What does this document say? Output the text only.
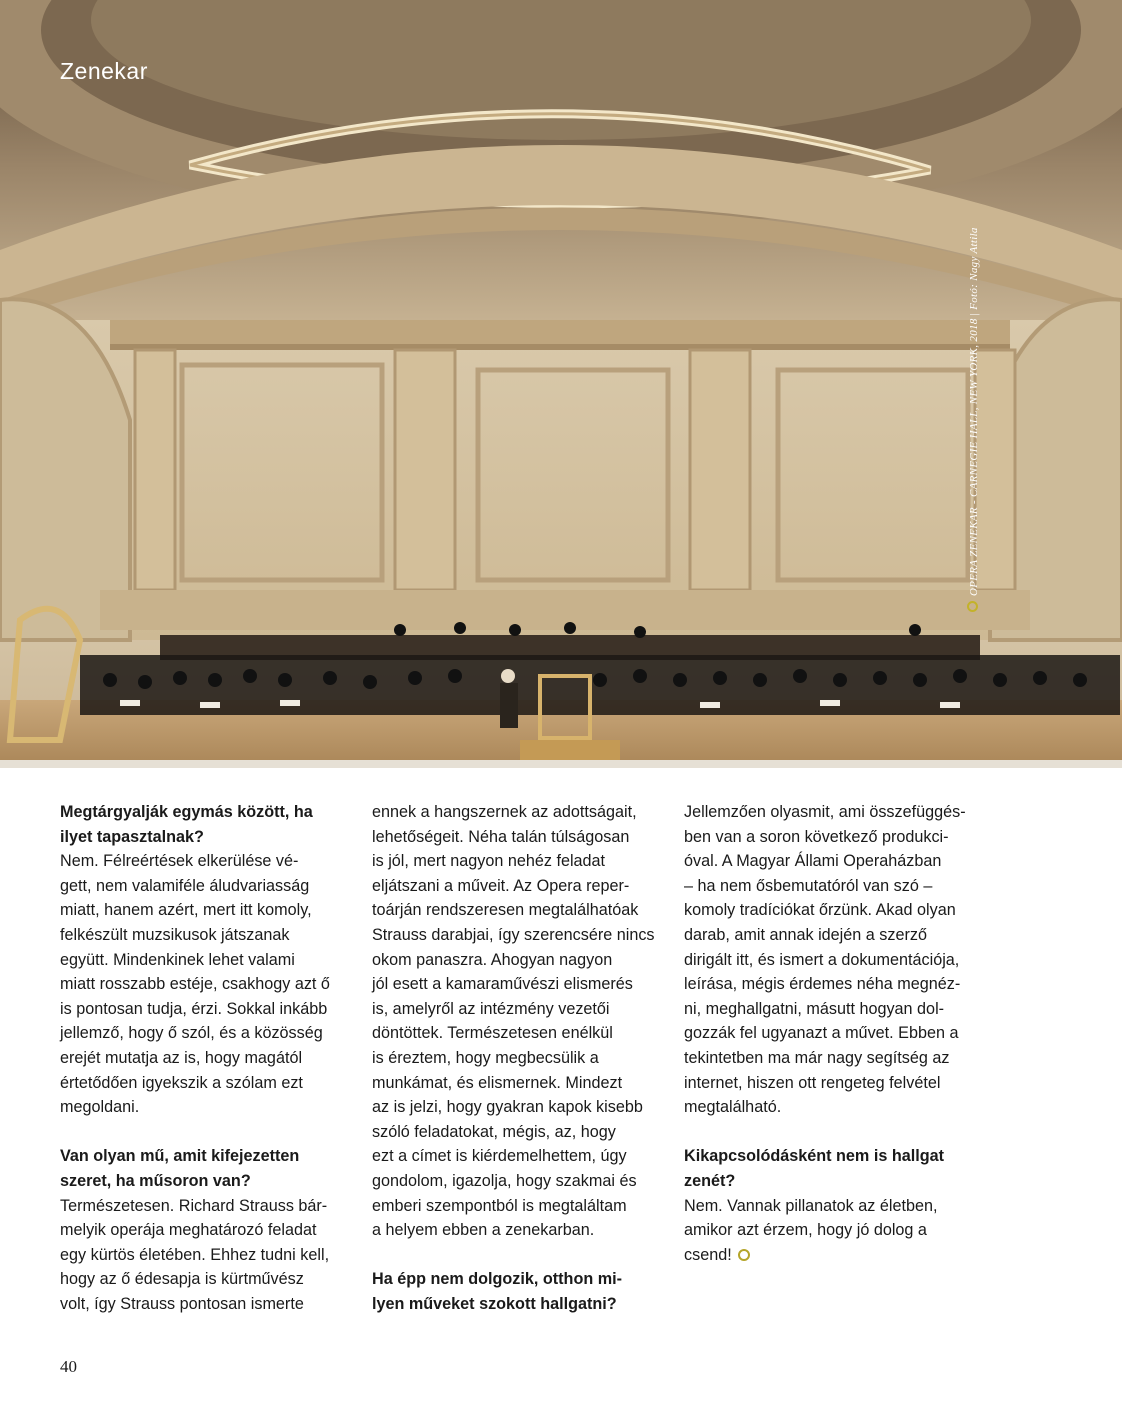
Zenekar
OPERA ZENEKAR - CARNEGIE HALL, NEW YORK, 2018 | Fotó: Nagy Attila
Megtárgyalják egymás között, ha
ilyet tapasztalnak?
Nem. Félreértések elkerülése vé-
gett, nem valamiféle áludvariasság
miatt, hanem azért, mert itt komoly,
felkészült muzsikusok játszanak
együtt. Mindenkinek lehet valami
miatt rosszabb estéje, csakhogy azt ő
is pontosan tudja, érzi. Sokkal inkább
jellemző, hogy ő szól, és a közösség
erejét mutatja az is, hogy magától
értetődően igyekszik a szólam ezt
megoldani.
Van olyan mű, amit kifejezetten
szeret, ha műsoron van?
Természetesen. Richard Strauss bár-
melyik operája meghatározó feladat
egy kürtös életében. Ehhez tudni kell,
hogy az ő édesapja is kürtművész
volt, így Strauss pontosan ismerte
ennek a hangszernek az adottságait,
lehetőségeit. Néha talán túlságosan
is jól, mert nagyon nehéz feladat
eljátszani a műveit. Az Opera reper-
toárján rendszeresen megtalálhatóak
Strauss darabjai, így szerencsére nincs
okom panaszra. Ahogyan nagyon
jól esett a kamaraművészi elismerés
is, amelyről az intézmény vezetői
döntöttek. Természetesen enélkül
is éreztem, hogy megbecsülik a
munkámat, és elismernek. Mindezt
az is jelzi, hogy gyakran kapok kisebb
szóló feladatokat, mégis, az, hogy
ezt a címet is kiérdemelhettem, úgy
gondolom, igazolja, hogy szakmai és
emberi szempontból is megtaláltam
a helyem ebben a zenekarban.
Ha épp nem dolgozik, otthon mi-
lyen műveket szokott hallgatni?
Jellemzően olyasmit, ami összefüggés-
ben van a soron következő produkci-
óval. A Magyar Állami Operaházban
– ha nem ősbemutatóról van szó –
komoly tradíciókat őrzünk. Akad olyan
darab, amit annak idején a szerző
dirigált itt, és ismert a dokumentációja,
leírása, mégis érdemes néha megnéz-
ni, meghallgatni, másutt hogyan dol-
gozzák fel ugyanazt a művet. Ebben a
tekintetben ma már nagy segítség az
internet, hiszen ott rengeteg felvétel
megtalálható.
Kikapcsolódásként nem is hallgat
zenét?
Nem. Vannak pillanatok az életben,
amikor azt érzem, hogy jó dolog a
csend!
40
